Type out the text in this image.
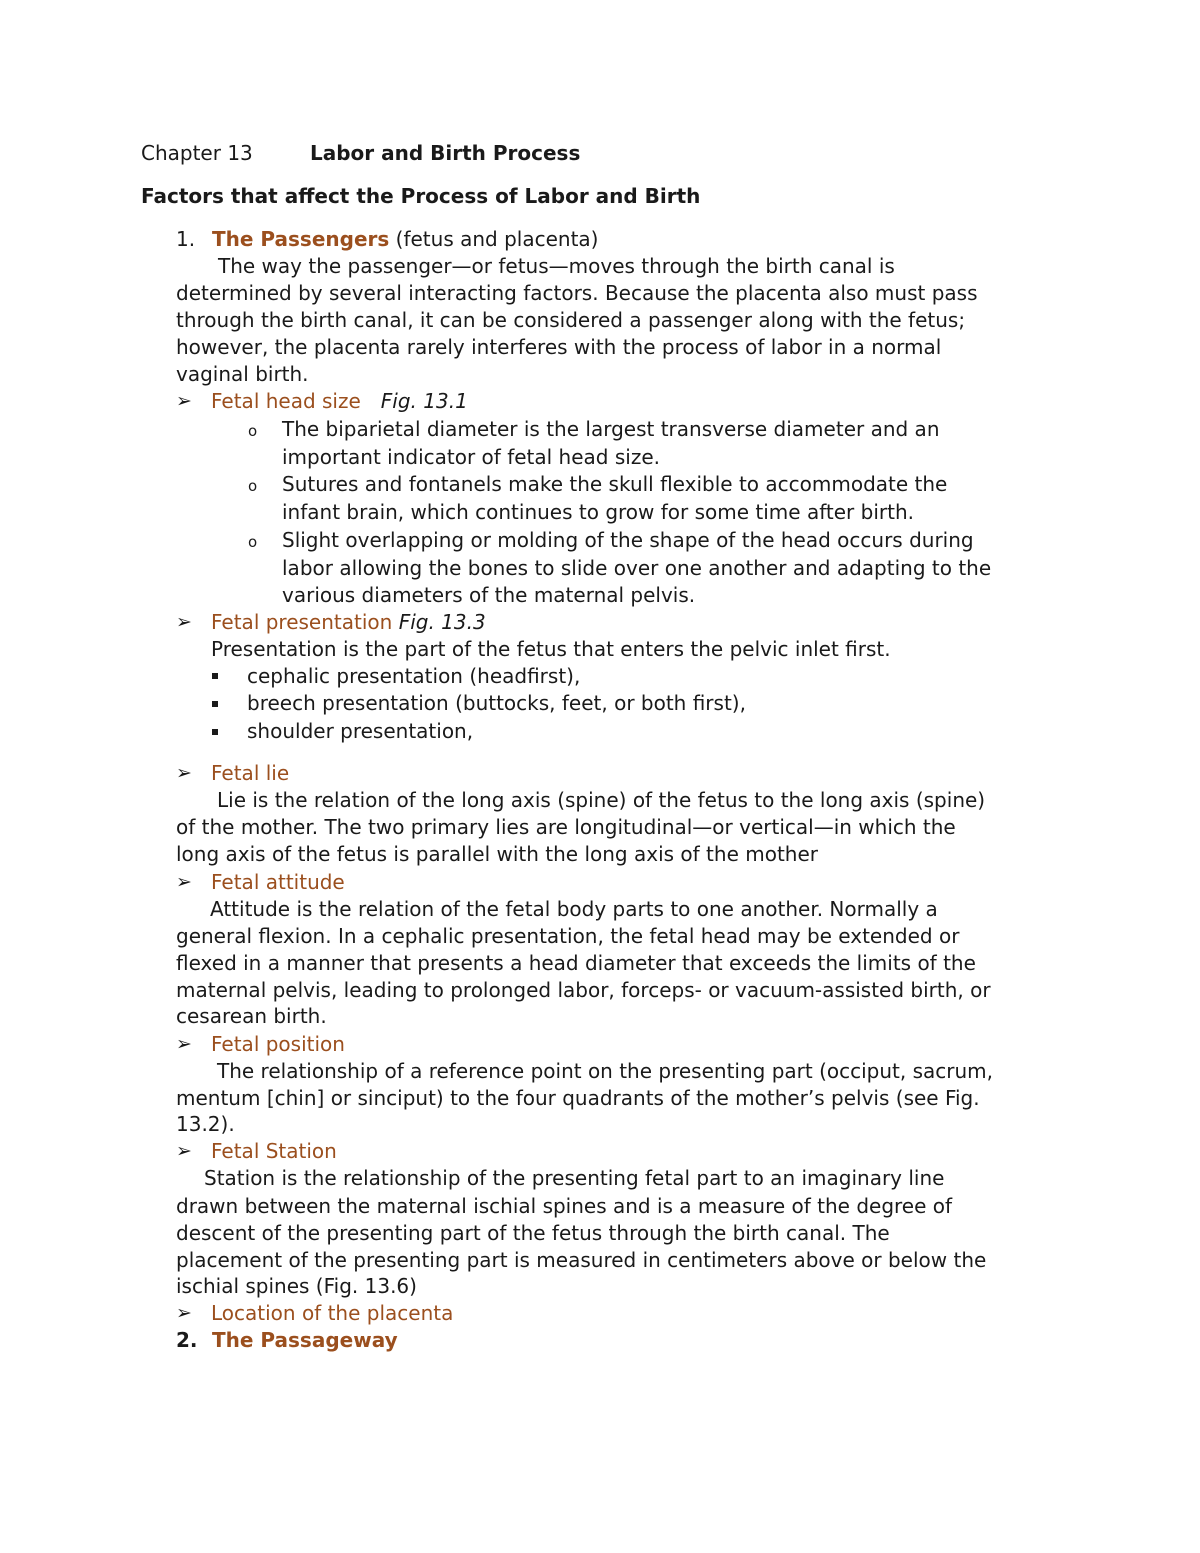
Chapter 13	Labor and Birth Process
Factors that affect the Process of Labor and Birth
1. The Passengers (fetus and placenta)
The way the passenger—or fetus—moves through the birth canal is
determined by several interacting factors. Because the placenta also must pass
through the birth canal, it can be considered a passenger along with the fetus;
however, the placenta rarely interferes with the process of labor in a normal
vaginal birth.
➢ Fetal head size Fig. 13.1
o The biparietal diameter is the largest transverse diameter and an
important indicator of fetal head size.
o Sutures and fontanels make the skull flexible to accommodate the
infant brain, which continues to grow for some time after birth.
o Slight overlapping or molding of the shape of the head occurs during
labor allowing the bones to slide over one another and adapting to the
various diameters of the maternal pelvis.
➢ Fetal presentation Fig. 13.3
Presentation is the part of the fetus that enters the pelvic inlet first.
cephalic presentation (headfirst),
breech presentation (buttocks, feet, or both first),
shoulder presentation,
➢ Fetal lie
Lie is the relation of the long axis (spine) of the fetus to the long axis (spine)
of the mother. The two primary lies are longitudinal—or vertical—in which the
long axis of the fetus is parallel with the long axis of the mother
➢ Fetal attitude
Attitude is the relation of the fetal body parts to one another. Normally a
general flexion. In a cephalic presentation, the fetal head may be extended or
flexed in a manner that presents a head diameter that exceeds the limits of the
maternal pelvis, leading to prolonged labor, forceps- or vacuum-assisted birth, or
cesarean birth.
➢ Fetal position
The relationship of a reference point on the presenting part (occiput, sacrum,
mentum [chin] or sinciput) to the four quadrants of the mother’s pelvis (see Fig.
13.2).
➢ Fetal Station
Station is the relationship of the presenting fetal part to an imaginary line
drawn between the maternal ischial spines and is a measure of the degree of
descent of the presenting part of the fetus through the birth canal. The
placement of the presenting part is measured in centimeters above or below the
ischial spines (Fig. 13.6)
➢ Location of the placenta
2. The Passageway
